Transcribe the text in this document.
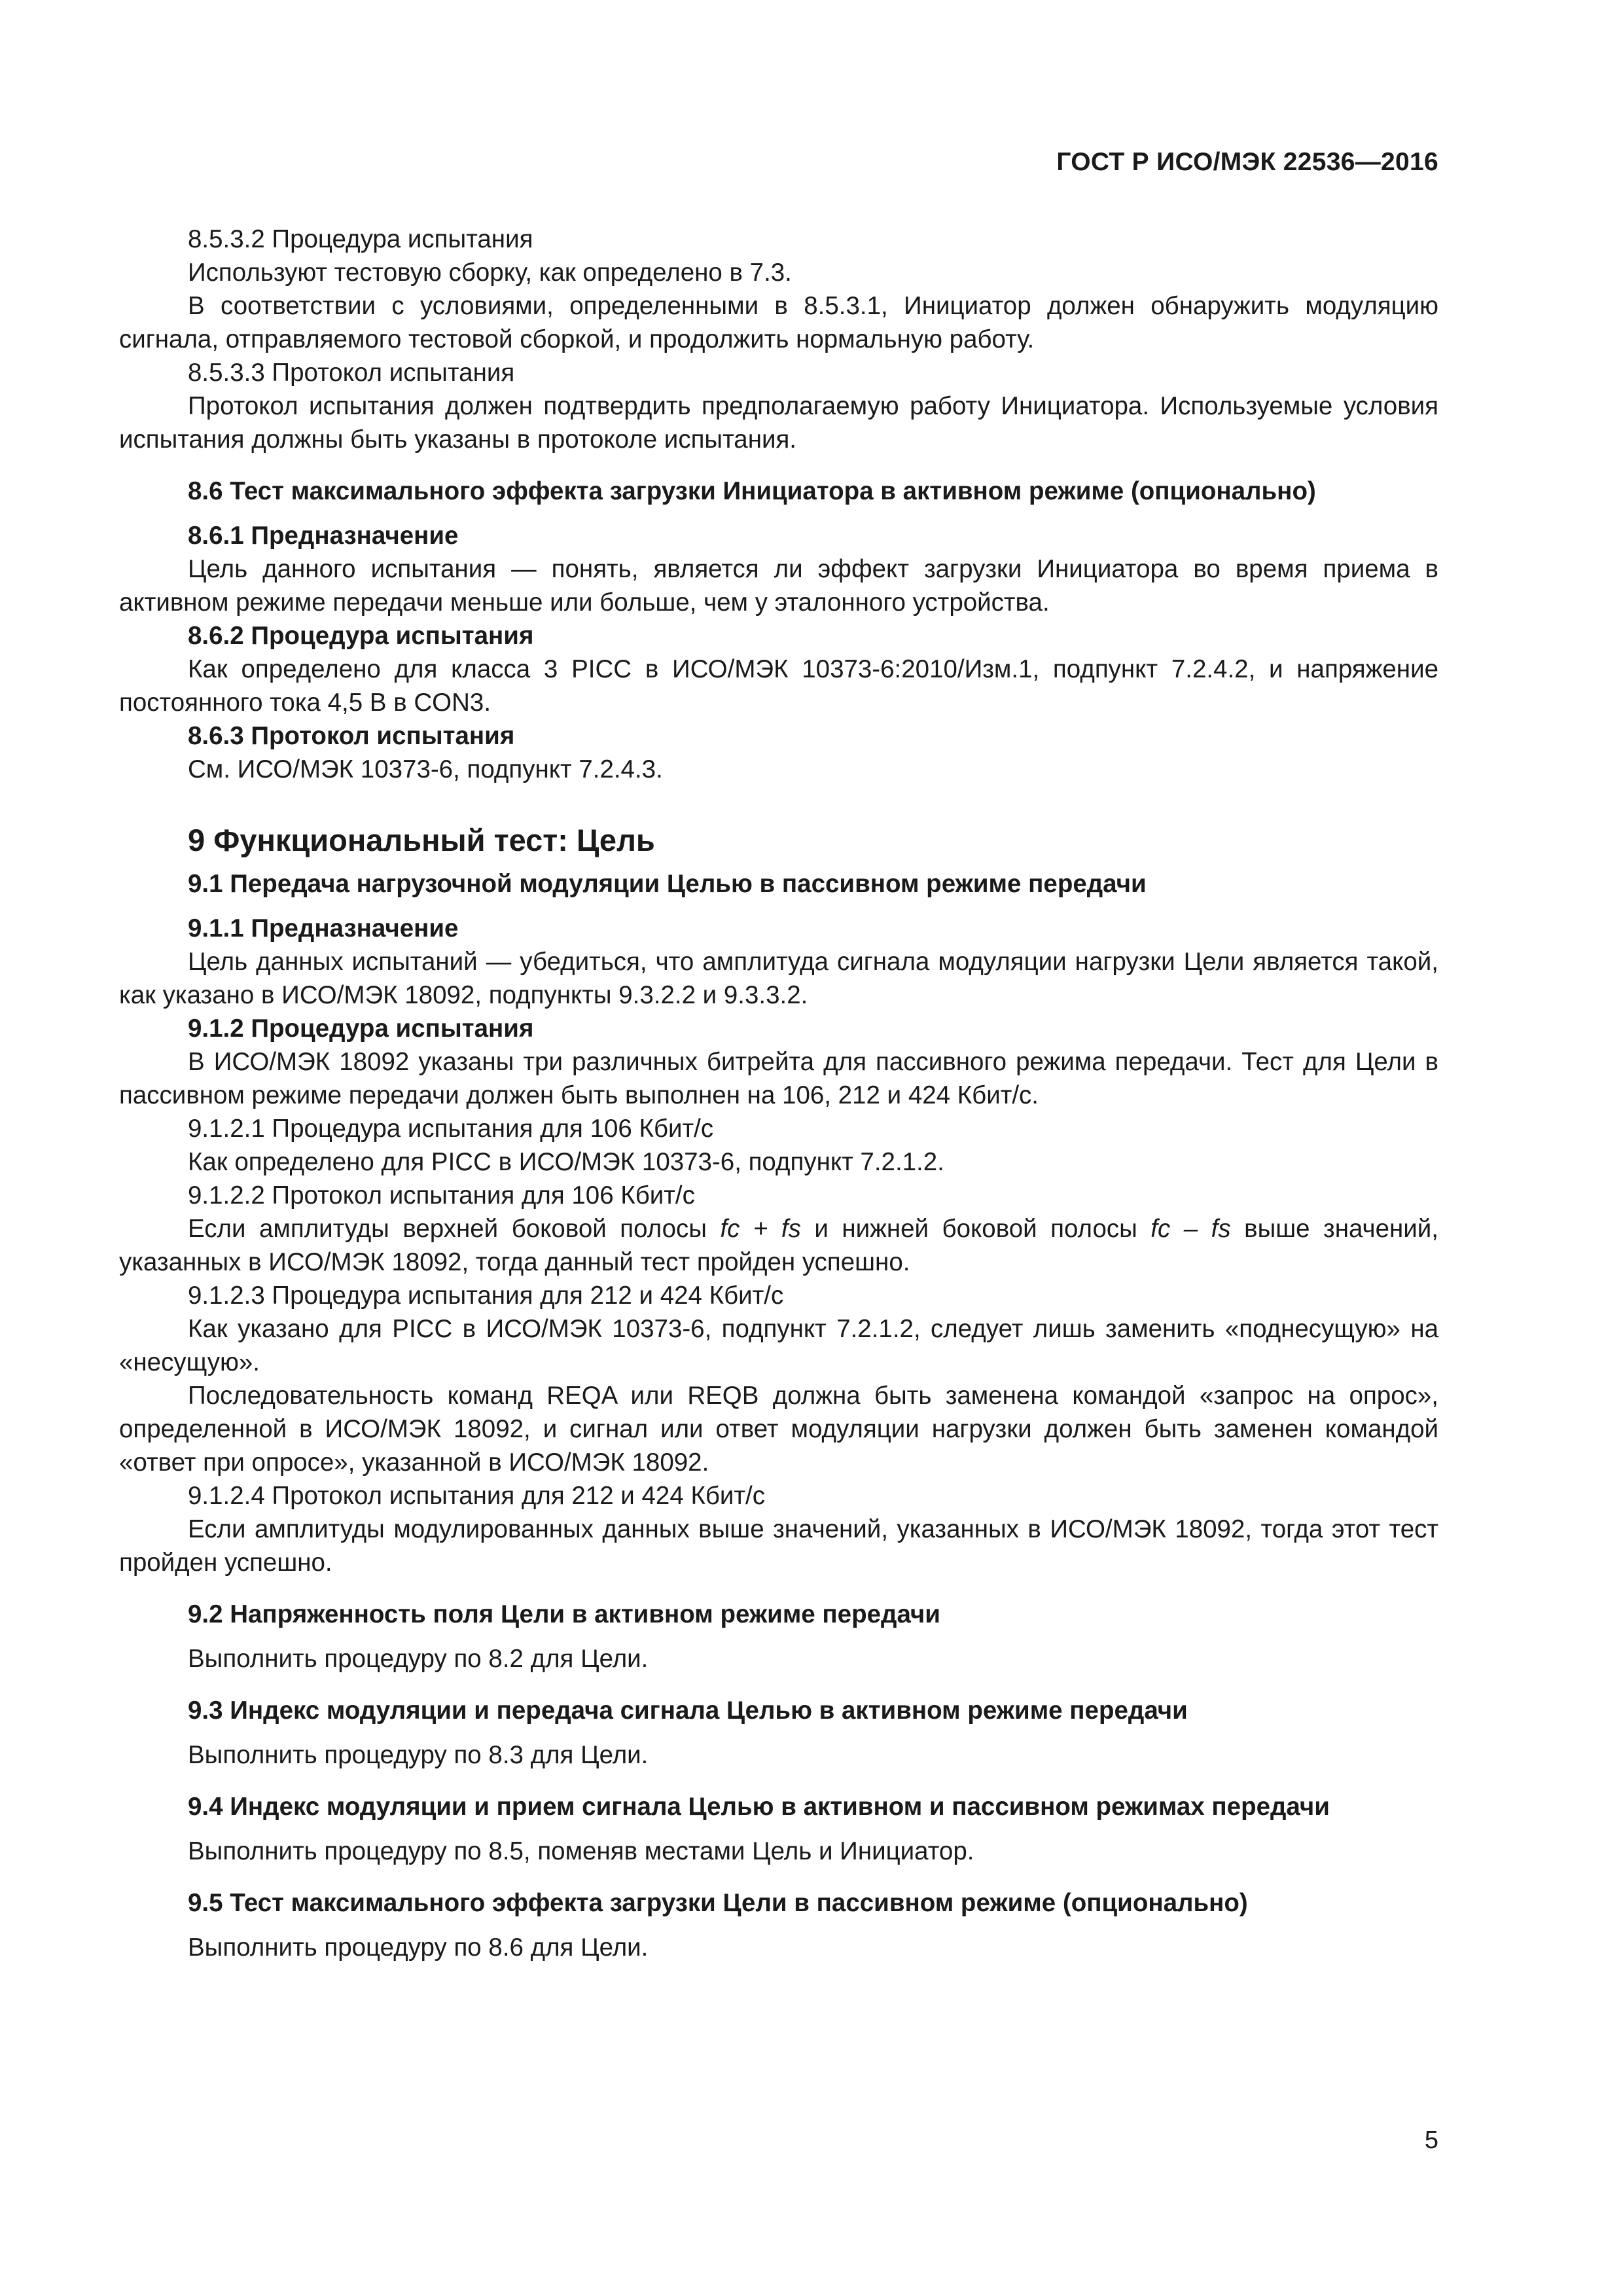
ГОСТ Р ИСО/МЭК 22536—2016

8.5.3.2 Процедура испытания

Используют тестовую сборку, как определено в 7.3.

В соответствии с условиями, определенными в 8.5.3.1, Инициатор должен обнаружить модуляцию сигнала, отправляемого тестовой сборкой, и продолжить нормальную работу.

8.5.3.3 Протокол испытания

Протокол испытания должен подтвердить предполагаемую работу Инициатора. Используемые условия испытания должны быть указаны в протоколе испытания.

8.6 Тест максимального эффекта загрузки Инициатора в активном режиме (опционально)

8.6.1 Предназначение

Цель данного испытания — понять, является ли эффект загрузки Инициатора во время приема в активном режиме передачи меньше или больше, чем у эталонного устройства.

8.6.2 Процедура испытания

Как определено для класса 3 PICC в ИСО/МЭК 10373-6:2010/Изм.1, подпункт 7.2.4.2, и напряжение постоянного тока 4,5 В в CON3.

8.6.3 Протокол испытания

См. ИСО/МЭК 10373-6, подпункт 7.2.4.3.

9 Функциональный тест: Цель

9.1 Передача нагрузочной модуляции Целью в пассивном режиме передачи

9.1.1 Предназначение

Цель данных испытаний — убедиться, что амплитуда сигнала модуляции нагрузки Цели является такой, как указано в ИСО/МЭК 18092, подпункты 9.3.2.2 и 9.3.3.2.

9.1.2 Процедура испытания

В ИСО/МЭК 18092 указаны три различных битрейта для пассивного режима передачи. Тест для Цели в пассивном режиме передачи должен быть выполнен на 106, 212 и 424 Кбит/с.

9.1.2.1 Процедура испытания для 106 Кбит/с

Как определено для PICC в ИСО/МЭК 10373-6, подпункт 7.2.1.2.

9.1.2.2 Протокол испытания для 106 Кбит/с

Если амплитуды верхней боковой полосы fc + fs и нижней боковой полосы fc – fs выше значений, указанных в ИСО/МЭК 18092, тогда данный тест пройден успешно.

9.1.2.3 Процедура испытания для 212 и 424 Кбит/с

Как указано для PICC в ИСО/МЭК 10373-6, подпункт 7.2.1.2, следует лишь заменить «поднесущую» на «несущую».

Последовательность команд REQA или REQB должна быть заменена командой «запрос на опрос», определенной в ИСО/МЭК 18092, и сигнал или ответ модуляции нагрузки должен быть заменен командой «ответ при опросе», указанной в ИСО/МЭК 18092.

9.1.2.4 Протокол испытания для 212 и 424 Кбит/с

Если амплитуды модулированных данных выше значений, указанных в ИСО/МЭК 18092, тогда этот тест пройден успешно.

9.2 Напряженность поля Цели в активном режиме передачи

Выполнить процедуру по 8.2 для Цели.

9.3 Индекс модуляции и передача сигнала Целью в активном режиме передачи

Выполнить процедуру по 8.3 для Цели.

9.4 Индекс модуляции и прием сигнала Целью в активном и пассивном режимах передачи

Выполнить процедуру по 8.5, поменяв местами Цель и Инициатор.

9.5 Тест максимального эффекта загрузки Цели в пассивном режиме (опционально)

Выполнить процедуру по 8.6 для Цели.

5
